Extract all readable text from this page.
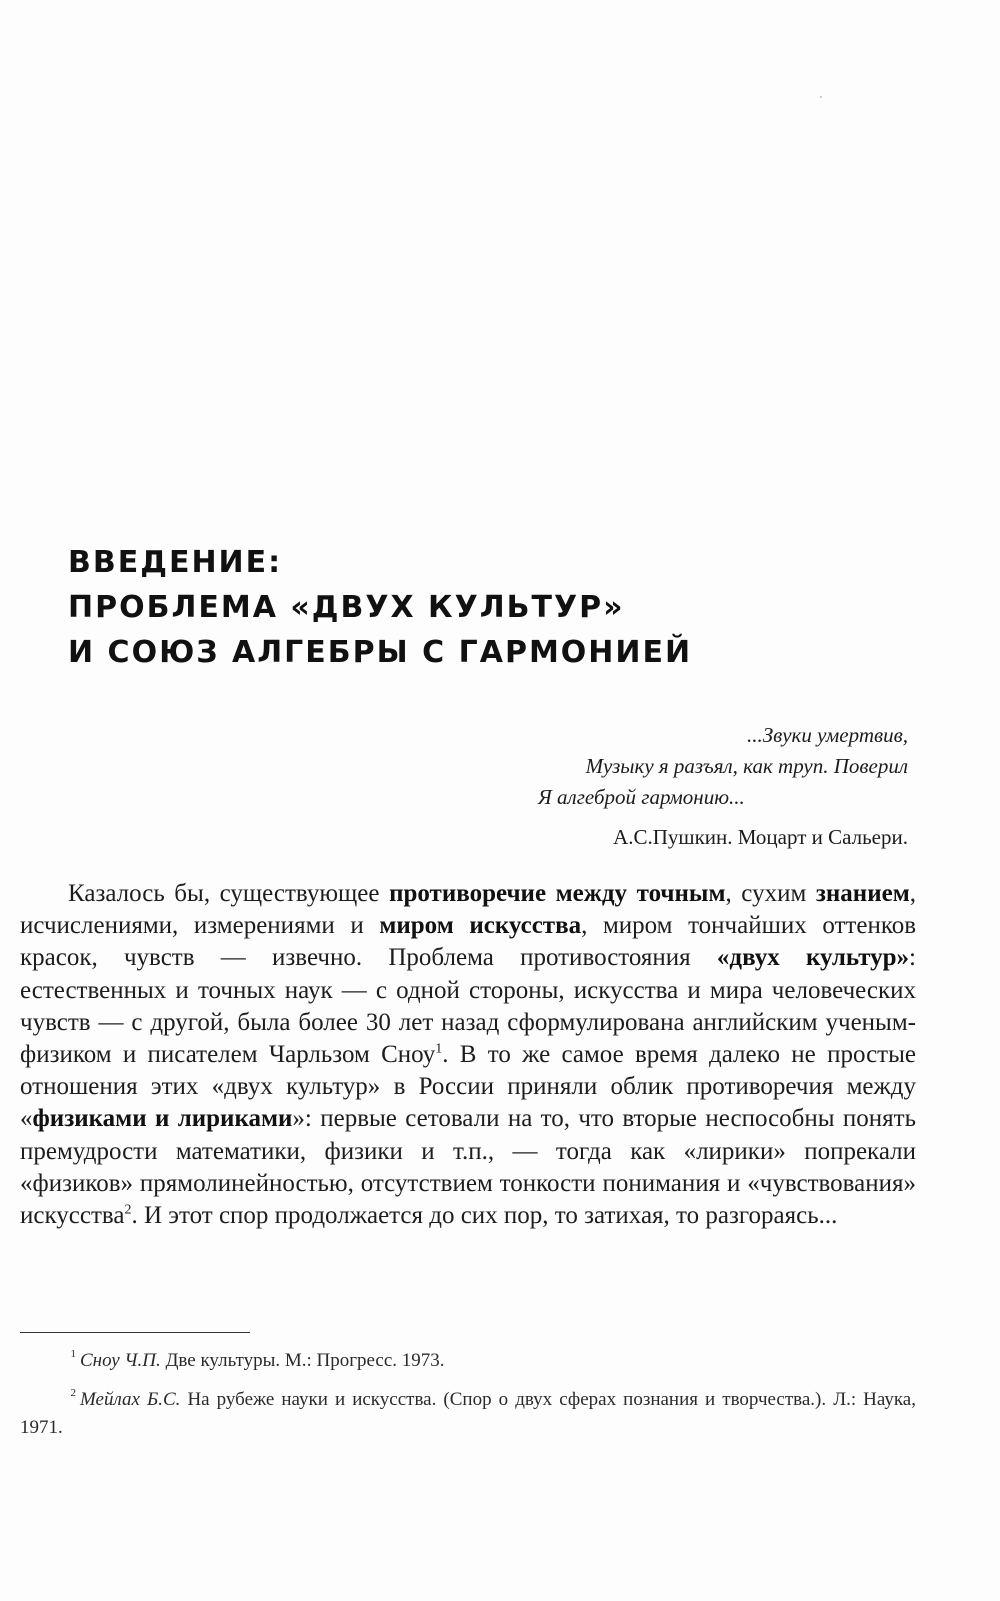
ВВЕДЕНИЕ:
ПРОБЛЕМА «ДВУХ КУЛЬТУР»
И СОЮЗ АЛГЕБРЫ С ГАРМОНИЕЙ
...Звуки умертвив,
Музыку я разъял, как труп. Поверил
Я алгеброй гармонию...
А.С.Пушкин. Моцарт и Сальери.

Казалось бы, существующее противоречие между точным, сухим знанием, исчислениями, измерениями и миром искусства, миром тончайших оттенков красок, чувств — извечно. Проблема противостояния «двух культур»: естественных и точных наук — с одной стороны, искусства и мира человеческих чувств — с другой, была более 30 лет назад сформулирована английским ученым-физиком и писателем Чарльзом Сноу$^1$. В то же самое время далеко не простые отношения этих «двух культур» в России приняли облик противоречия между «физиками и лириками»: первые сетовали на то, что вторые неспособны понять премудрости математики, физики и т.п., — тогда как «лирики» попрекали «физиков» прямолинейностью, отсутствием тонкости понимания и «чувствования» искусства$^2$. И этот спор продолжается до сих пор, то затихая, то разгораясь...

1 Сноу Ч.П. Две культуры. М.: Прогресс. 1973.

2 Мейлах Б.С. На рубеже науки и искусства. (Спор о двух сферах познания и творчества.). Л.: Наука, 1971.
